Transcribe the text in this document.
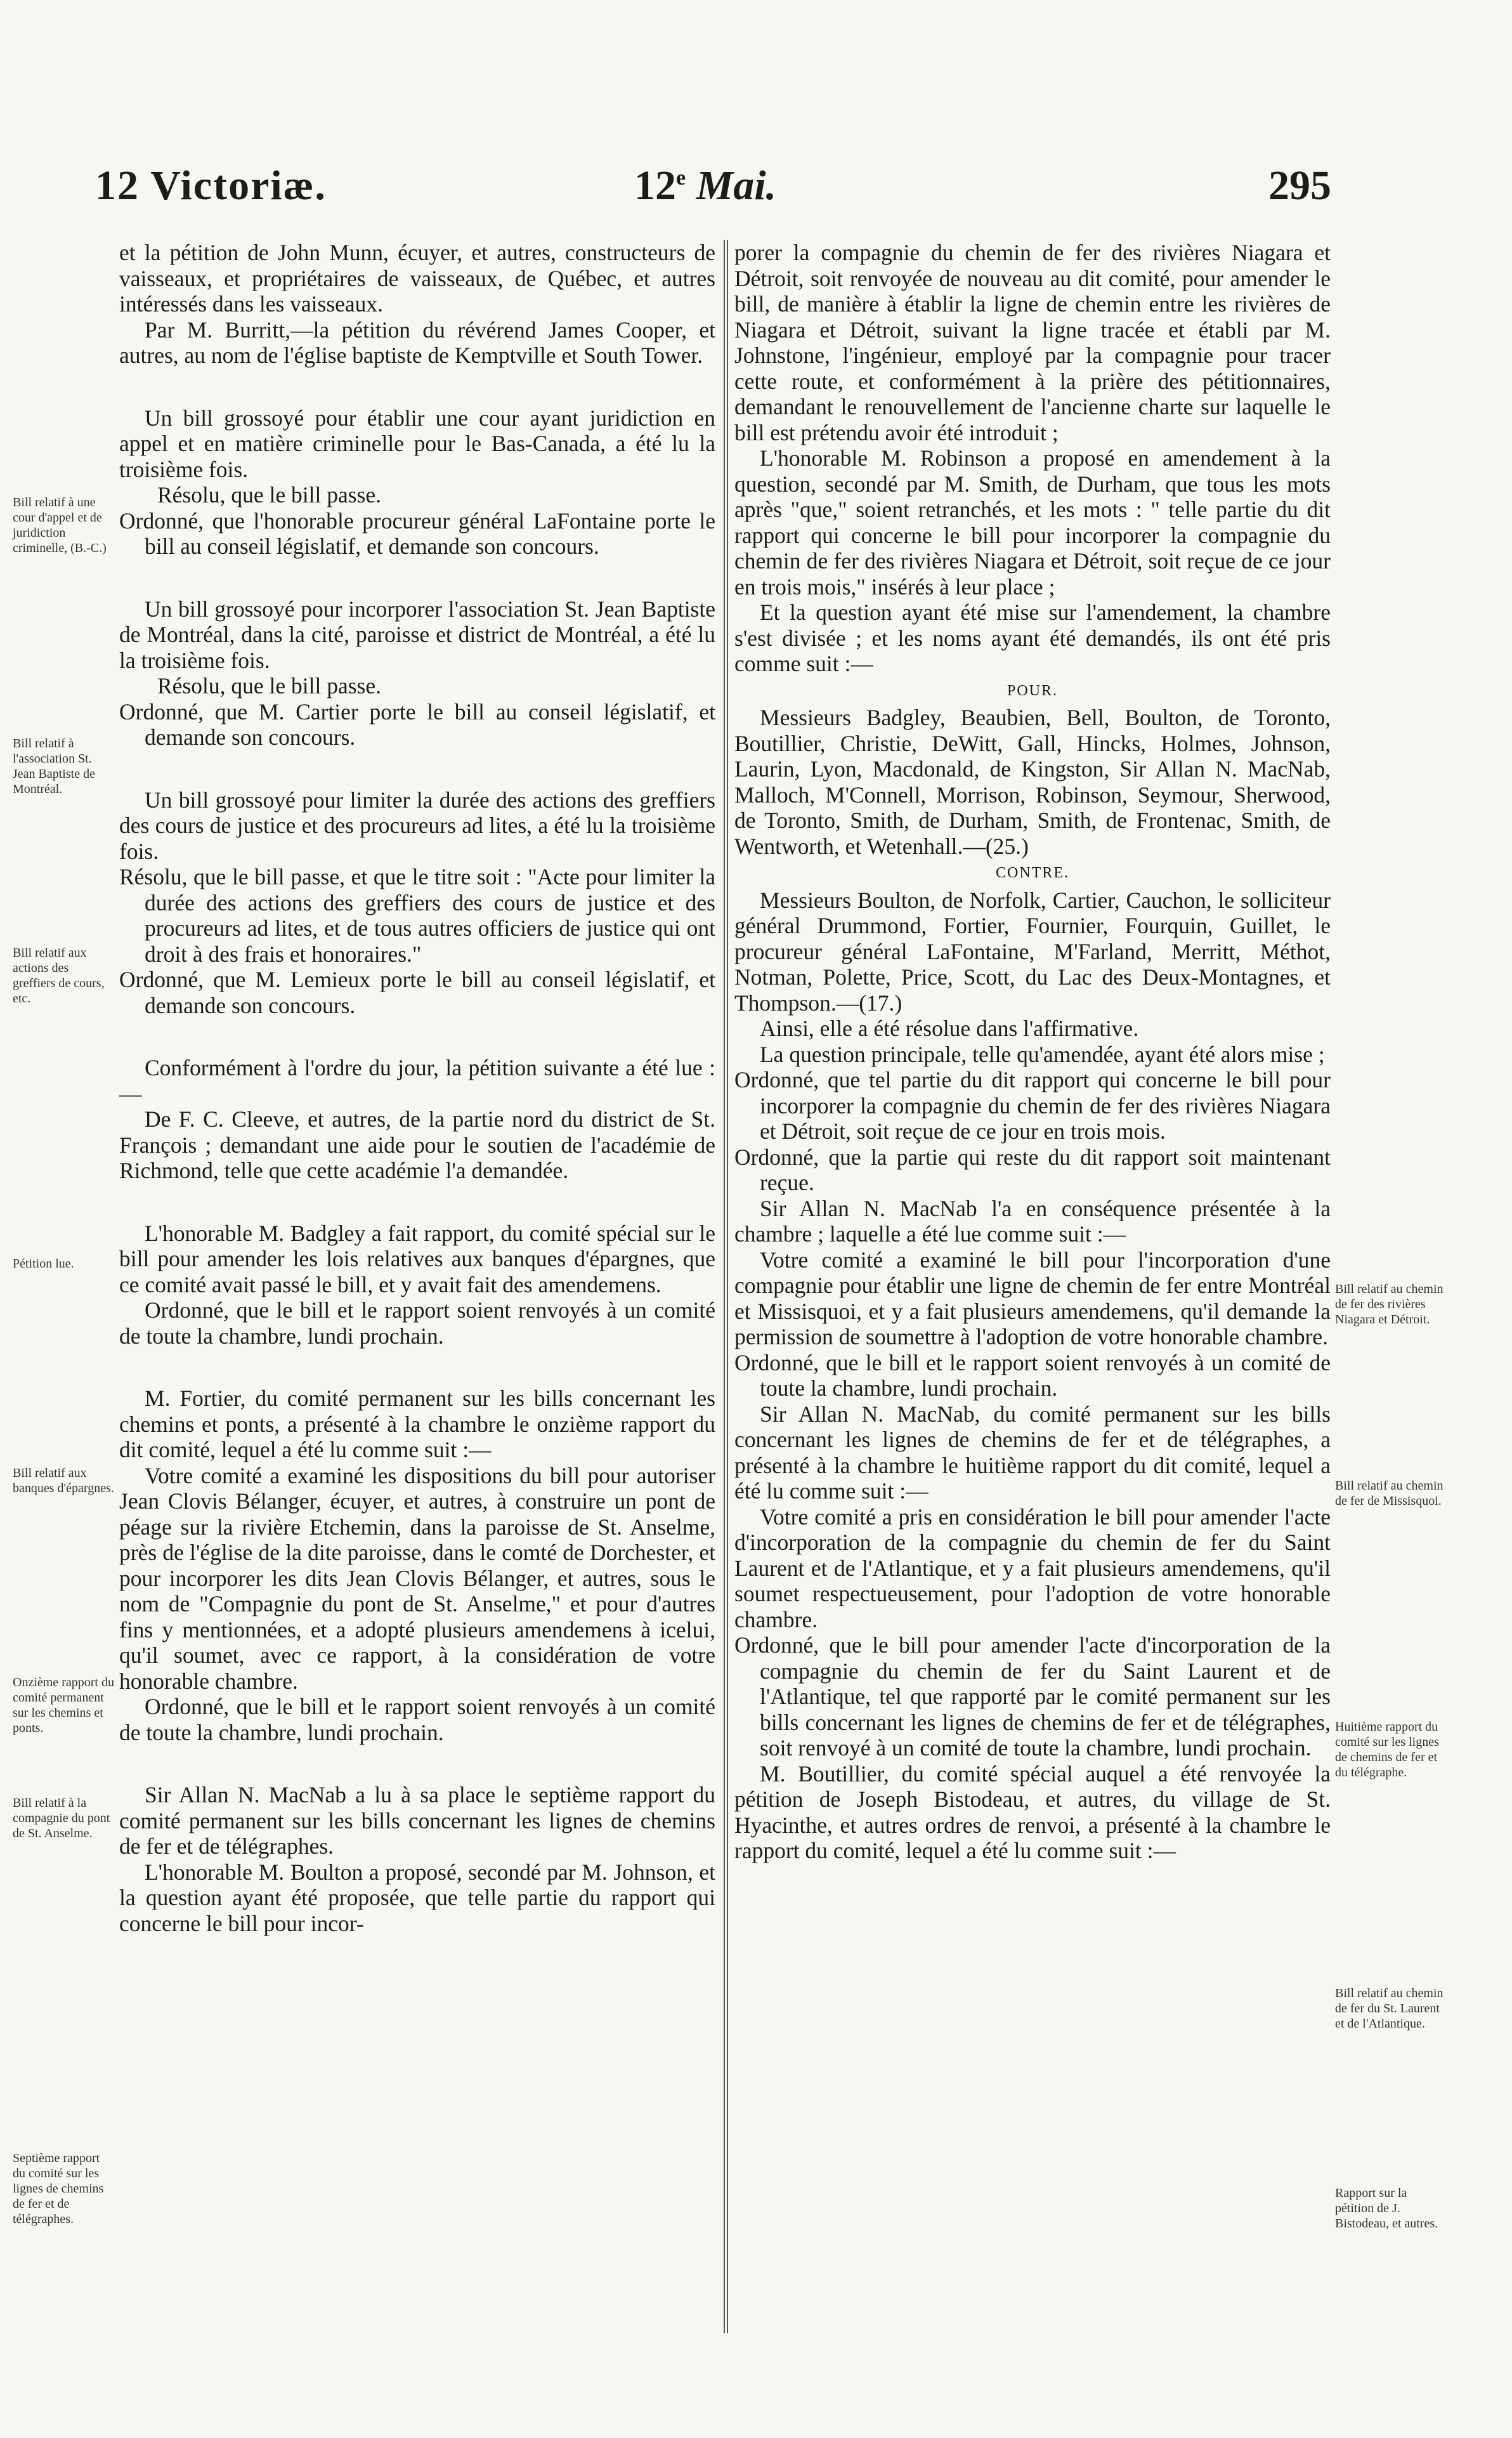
12 Victoriæ.	12e Mai.	295

et la pétition de John Munn, écuyer, et autres, constructeurs de vaisseaux, et propriétaires de vaisseaux, de Québec, et autres intéressés dans les vaisseaux.

Par M. Burritt,—la pétition du révérend James Cooper, et autres, au nom de l'église baptiste de Kemptville et South Tower.

Un bill grossoyé pour établir une cour ayant juridiction en appel et en matière criminelle pour le Bas-Canada, a été lu la troisième fois.

Résolu, que le bill passe.

Ordonné, que l'honorable procureur général LaFontaine porte le bill au conseil législatif, et demande son concours.

Un bill grossoyé pour incorporer l'association St. Jean Baptiste de Montréal, dans la cité, paroisse et district de Montréal, a été lu la troisième fois.

Résolu, que le bill passe.

Ordonné, que M. Cartier porte le bill au conseil législatif, et demande son concours.

Un bill grossoyé pour limiter la durée des actions des greffiers des cours de justice et des procureurs ad lites, a été lu la troisième fois.

Résolu, que le bill passe, et que le titre soit : "Acte pour limiter la durée des actions des greffiers des cours de justice et des procureurs ad lites, et de tous autres officiers de justice qui ont droit à des frais et honoraires."

Ordonné, que M. Lemieux porte le bill au conseil législatif, et demande son concours.

Conformément à l'ordre du jour, la pétition suivante a été lue :—

De F. C. Cleeve, et autres, de la partie nord du district de St. François ; demandant une aide pour le soutien de l'académie de Richmond, telle que cette académie l'a demandée.

L'honorable M. Badgley a fait rapport, du comité spécial sur le bill pour amender les lois relatives aux banques d'épargnes, que ce comité avait passé le bill, et y avait fait des amendemens.

Ordonné, que le bill et le rapport soient renvoyés à un comité de toute la chambre, lundi prochain.

M. Fortier, du comité permanent sur les bills concernant les chemins et ponts, a présenté à la chambre le onzième rapport du dit comité, lequel a été lu comme suit :—

Votre comité a examiné les dispositions du bill pour autoriser Jean Clovis Bélanger, écuyer, et autres, à construire un pont de péage sur la rivière Etchemin, dans la paroisse de St. Anselme, près de l'église de la dite paroisse, dans le comté de Dorchester, et pour incorporer les dits Jean Clovis Bélanger, et autres, sous le nom de "Compagnie du pont de St. Anselme," et pour d'autres fins y mentionnées, et a adopté plusieurs amendemens à icelui, qu'il soumet, avec ce rapport, à la considération de votre honorable chambre.

Ordonné, que le bill et le rapport soient renvoyés à un comité de toute la chambre, lundi prochain.

Sir Allan N. MacNab a lu à sa place le septième rapport du comité permanent sur les bills concernant les lignes de chemins de fer et de télégraphes.

L'honorable M. Boulton a proposé, secondé par M. Johnson, et la question ayant été proposée, que telle partie du rapport qui concerne le bill pour incor-

porer la compagnie du chemin de fer des rivières Niagara et Détroit, soit renvoyée de nouveau au dit comité, pour amender le bill, de manière à établir la ligne de chemin entre les rivières de Niagara et Détroit, suivant la ligne tracée et établi par M. Johnstone, l'ingénieur, employé par la compagnie pour tracer cette route, et conformément à la prière des pétitionnaires, demandant le renouvellement de l'ancienne charte sur laquelle le bill est prétendu avoir été introduit ;

L'honorable M. Robinson a proposé en amendement à la question, secondé par M. Smith, de Durham, que tous les mots après "que," soient retranchés, et les mots : " telle partie du dit rapport qui concerne le bill pour incorporer la compagnie du chemin de fer des rivières Niagara et Détroit, soit reçue de ce jour en trois mois," insérés à leur place ;

Et la question ayant été mise sur l'amendement, la chambre s'est divisée ; et les noms ayant été demandés, ils ont été pris comme suit :—

POUR.

Messieurs Badgley, Beaubien, Bell, Boulton, de Toronto, Boutillier, Christie, DeWitt, Gall, Hincks, Holmes, Johnson, Laurin, Lyon, Macdonald, de Kingston, Sir Allan N. MacNab, Malloch, M'Connell, Morrison, Robinson, Seymour, Sherwood, de Toronto, Smith, de Durham, Smith, de Frontenac, Smith, de Wentworth, et Wetenhall.—(25.)

CONTRE.

Messieurs Boulton, de Norfolk, Cartier, Cauchon, le solliciteur général Drummond, Fortier, Fournier, Fourquin, Guillet, le procureur général LaFontaine, M'Farland, Merritt, Méthot, Notman, Polette, Price, Scott, du Lac des Deux-Montagnes, et Thompson.—(17.)

Ainsi, elle a été résolue dans l'affirmative.

La question principale, telle qu'amendée, ayant été alors mise ;

Ordonné, que tel partie du dit rapport qui concerne le bill pour incorporer la compagnie du chemin de fer des rivières Niagara et Détroit, soit reçue de ce jour en trois mois.

Ordonné, que la partie qui reste du dit rapport soit maintenant reçue.

Sir Allan N. MacNab l'a en conséquence présentée à la chambre ; laquelle a été lue comme suit :—

Votre comité a examiné le bill pour l'incorporation d'une compagnie pour établir une ligne de chemin de fer entre Montréal et Missisquoi, et y a fait plusieurs amendemens, qu'il demande la permission de soumettre à l'adoption de votre honorable chambre.

Ordonné, que le bill et le rapport soient renvoyés à un comité de toute la chambre, lundi prochain.

Sir Allan N. MacNab, du comité permanent sur les bills concernant les lignes de chemins de fer et de télégraphes, a présenté à la chambre le huitième rapport du dit comité, lequel a été lu comme suit :—

Votre comité a pris en considération le bill pour amender l'acte d'incorporation de la compagnie du chemin de fer du Saint Laurent et de l'Atlantique, et y a fait plusieurs amendemens, qu'il soumet respectueusement, pour l'adoption de votre honorable chambre.

Ordonné, que le bill pour amender l'acte d'incorporation de la compagnie du chemin de fer du Saint Laurent et de l'Atlantique, tel que rapporté par le comité permanent sur les bills concernant les lignes de chemins de fer et de télégraphes, soit renvoyé à un comité de toute la chambre, lundi prochain.

M. Boutillier, du comité spécial auquel a été renvoyée la pétition de Joseph Bistodeau, et autres, du village de St. Hyacinthe, et autres ordres de renvoi, a présenté à la chambre le rapport du comité, lequel a été lu comme suit :—

Bill relatif à une cour d'appel et de juridiction criminelle, (B.-C.)
Bill relatif à l'association St. Jean Baptiste de Montréal.
Bill relatif aux actions des greffiers de cours, etc.
Pétition lue.
Bill relatif aux banques d'épargnes.
Onzième rapport du comité permanent sur les chemins et ponts.
Bill relatif à la compagnie du pont de St. Anselme.
Septième rapport du comité sur les lignes de chemins de fer et de télégraphes.
Bill relatif au chemin de fer des rivières Niagara et Détroit.
Bill relatif au chemin de fer de Missisquoi.
Huitième rapport du comité sur les lignes de chemins de fer et du télégraphe.
Bill relatif au chemin de fer du St. Laurent et de l'Atlantique.
Rapport sur la pétition de J. Bistodeau, et autres.
